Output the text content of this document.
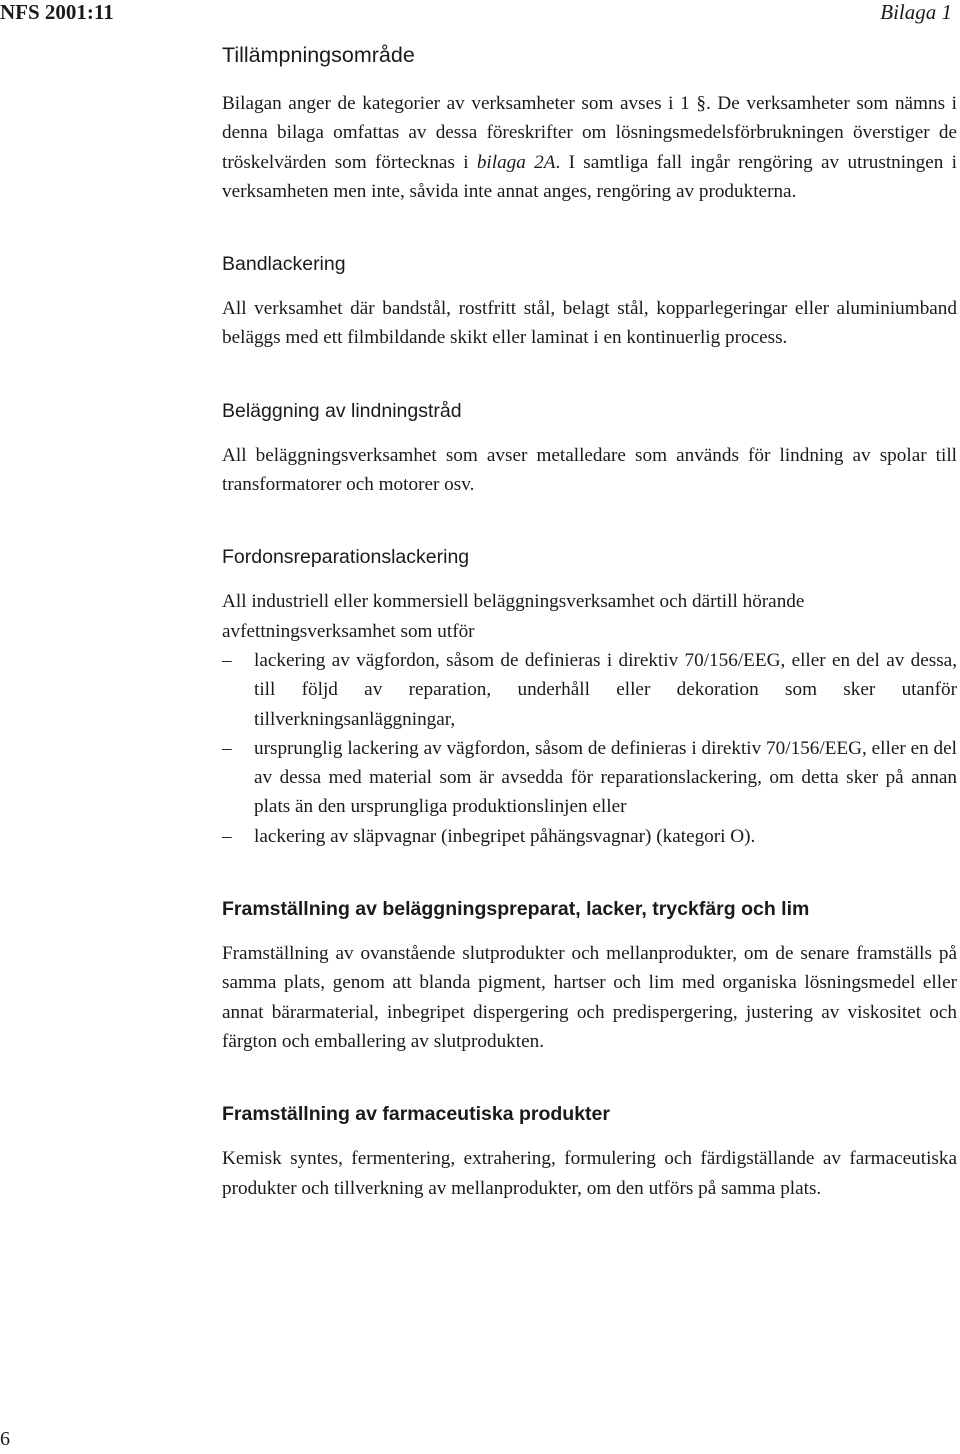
NFS 2001:11	Bilaga 1
Tillämpningsområde

Bilagan anger de kategorier av verksamheter som avses i 1 §. De verksamheter som nämns i denna bilaga omfattas av dessa föreskrifter om lösningsmedelsförbrukningen överstiger de tröskelvärden som förtecknas i bilaga 2A. I samtliga fall ingår rengöring av utrustningen i verksamheten men inte, såvida inte annat anges, rengöring av produkterna.

Bandlackering

All verksamhet där bandstål, rostfritt stål, belagt stål, kopparlegeringar eller aluminiumband beläggs med ett filmbildande skikt eller laminat i en kontinuerlig process.

Beläggning av lindningstråd

All beläggningsverksamhet som avser metalledare som används för lindning av spolar till transformatorer och motorer osv.

Fordonsreparationslackering

All industriell eller kommersiell beläggningsverksamhet och därtill hörande avfettningsverksamhet som utför

– lackering av vägfordon, såsom de definieras i direktiv 70/156/EEG, eller en del av dessa, till följd av reparation, underhåll eller dekoration som sker utanför tillverkningsanläggningar,
– ursprunglig lackering av vägfordon, såsom de definieras i direktiv 70/156/EEG, eller en del av dessa med material som är avsedda för reparationslackering, om detta sker på annan plats än den ursprungliga produktionslinjen eller
– lackering av släpvagnar (inbegripet påhängsvagnar) (kategori O).
Framställning av beläggningspreparat, lacker, tryckfärg och lim

Framställning av ovanstående slutprodukter och mellanprodukter, om de senare framställs på samma plats, genom att blanda pigment, hartser och lim med organiska lösningsmedel eller annat bärarmaterial, inbegripet dispergering och predispergering, justering av viskositet och färgton och emballering av slutprodukten.

Framställning av farmaceutiska produkter

Kemisk syntes, fermentering, extrahering, formulering och färdigställande av farmaceutiska produkter och tillverkning av mellanprodukter, om den utförs på samma plats.

6
